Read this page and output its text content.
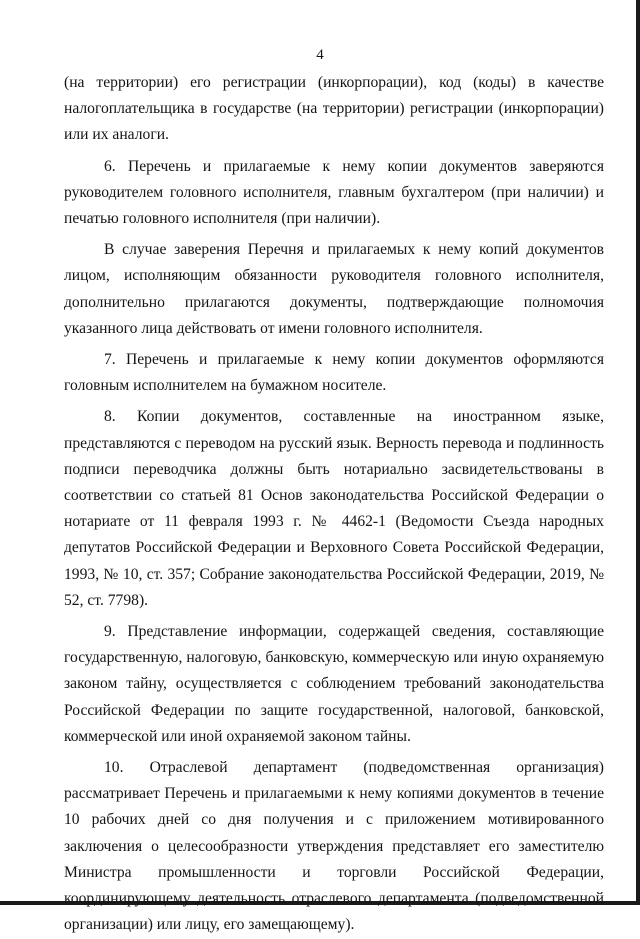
4

(на территории) его регистрации (инкорпорации), код (коды) в качестве налогоплательщика в государстве (на территории) регистрации (инкорпорации) или их аналоги.

6. Перечень и прилагаемые к нему копии документов заверяются руководителем головного исполнителя, главным бухгалтером (при наличии) и печатью головного исполнителя (при наличии).

В случае заверения Перечня и прилагаемых к нему копий документов лицом, исполняющим обязанности руководителя головного исполнителя, дополнительно прилагаются документы, подтверждающие полномочия указанного лица действовать от имени головного исполнителя.

7. Перечень и прилагаемые к нему копии документов оформляются головным исполнителем на бумажном носителе.

8. Копии документов, составленные на иностранном языке, представляются с переводом на русский язык. Верность перевода и подлинность подписи переводчика должны быть нотариально засвидетельствованы в соответствии со статьей 81 Основ законодательства Российской Федерации о нотариате от 11 февраля 1993 г. № 4462-1 (Ведомости Съезда народных депутатов Российской Федерации и Верховного Совета Российской Федерации, 1993, № 10, ст. 357; Собрание законодательства Российской Федерации, 2019, № 52, ст. 7798).

9. Представление информации, содержащей сведения, составляющие государственную, налоговую, банковскую, коммерческую или иную охраняемую законом тайну, осуществляется с соблюдением требований законодательства Российской Федерации по защите государственной, налоговой, банковской, коммерческой или иной охраняемой законом тайны.

10. Отраслевой департамент (подведомственная организация) рассматривает Перечень и прилагаемыми к нему копиями документов в течение 10 рабочих дней со дня получения и с приложением мотивированного заключения о целесообразности утверждения представляет его заместителю Министра промышленности и торговли Российской Федерации, координирующему деятельность отраслевого департамента (подведомственной организации) или лицу, его замещающему).
